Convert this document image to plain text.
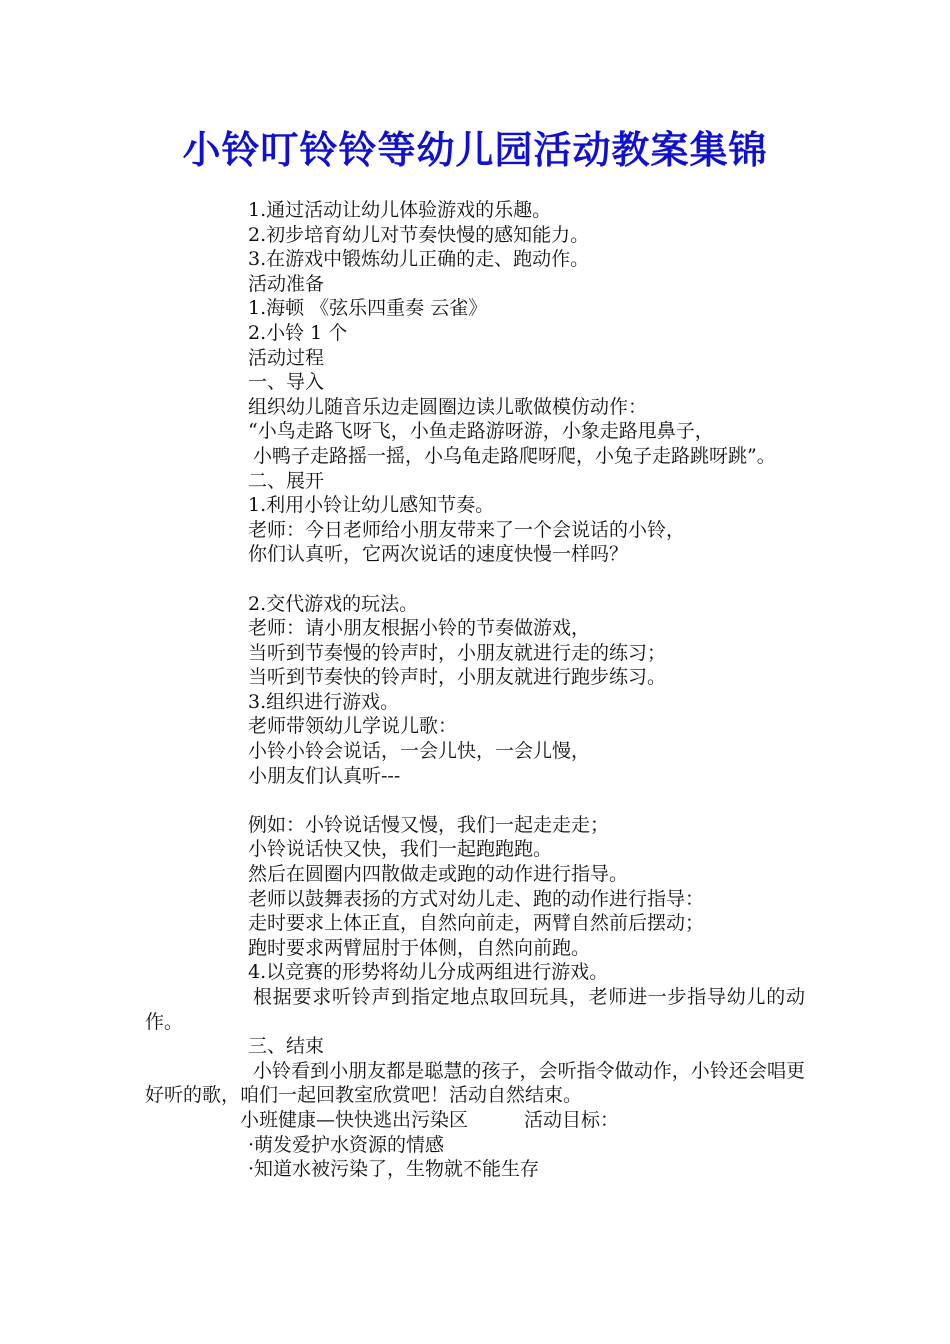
小铃叮铃铃等幼儿园活动教案集锦
1.通过活动让幼儿体验游戏的乐趣。
2.初步培育幼儿对节奏快慢的感知能力。
3.在游戏中锻炼幼儿正确的走、跑动作。
活动准备
1.海顿 《弦乐四重奏 云雀》
2.小铃 1 个
活动过程
一、导入
组织幼儿随音乐边走圆圈边读儿歌做模仿动作：
“小鸟走路飞呀飞，小鱼走路游呀游，小象走路甩鼻子，
小鸭子走路摇一摇，小乌龟走路爬呀爬，小兔子走路跳呀跳”。
二、展开
1.利用小铃让幼儿感知节奏。
老师：今日老师给小朋友带来了一个会说话的小铃，
你们认真听，它两次说话的速度快慢一样吗？
2.交代游戏的玩法。
老师：请小朋友根据小铃的节奏做游戏，
当听到节奏慢的铃声时，小朋友就进行走的练习；
当听到节奏快的铃声时，小朋友就进行跑步练习。
3.组织进行游戏。
老师带领幼儿学说儿歌：
小铃小铃会说话，一会儿快，一会儿慢，
小朋友们认真听---
例如：小铃说话慢又慢，我们一起走走走；
小铃说话快又快，我们一起跑跑跑。
然后在圆圈内四散做走或跑的动作进行指导。
老师以鼓舞表扬的方式对幼儿走、跑的动作进行指导：
走时要求上体正直，自然向前走，两臂自然前后摆动；
跑时要求两臂屈肘于体侧，自然向前跑。
4.以竞赛的形势将幼儿分成两组进行游戏。
根据要求听铃声到指定地点取回玩具，老师进一步指导幼儿的动作。
三、结束
小铃看到小朋友都是聪慧的孩子，会听指令做动作，小铃还会唱更好听的歌，咱们一起回教室欣赏吧！活动自然结束。
小班健康—快快逃出污染区	活动目标：
·萌发爱护水资源的情感
·知道水被污染了，生物就不能生存
